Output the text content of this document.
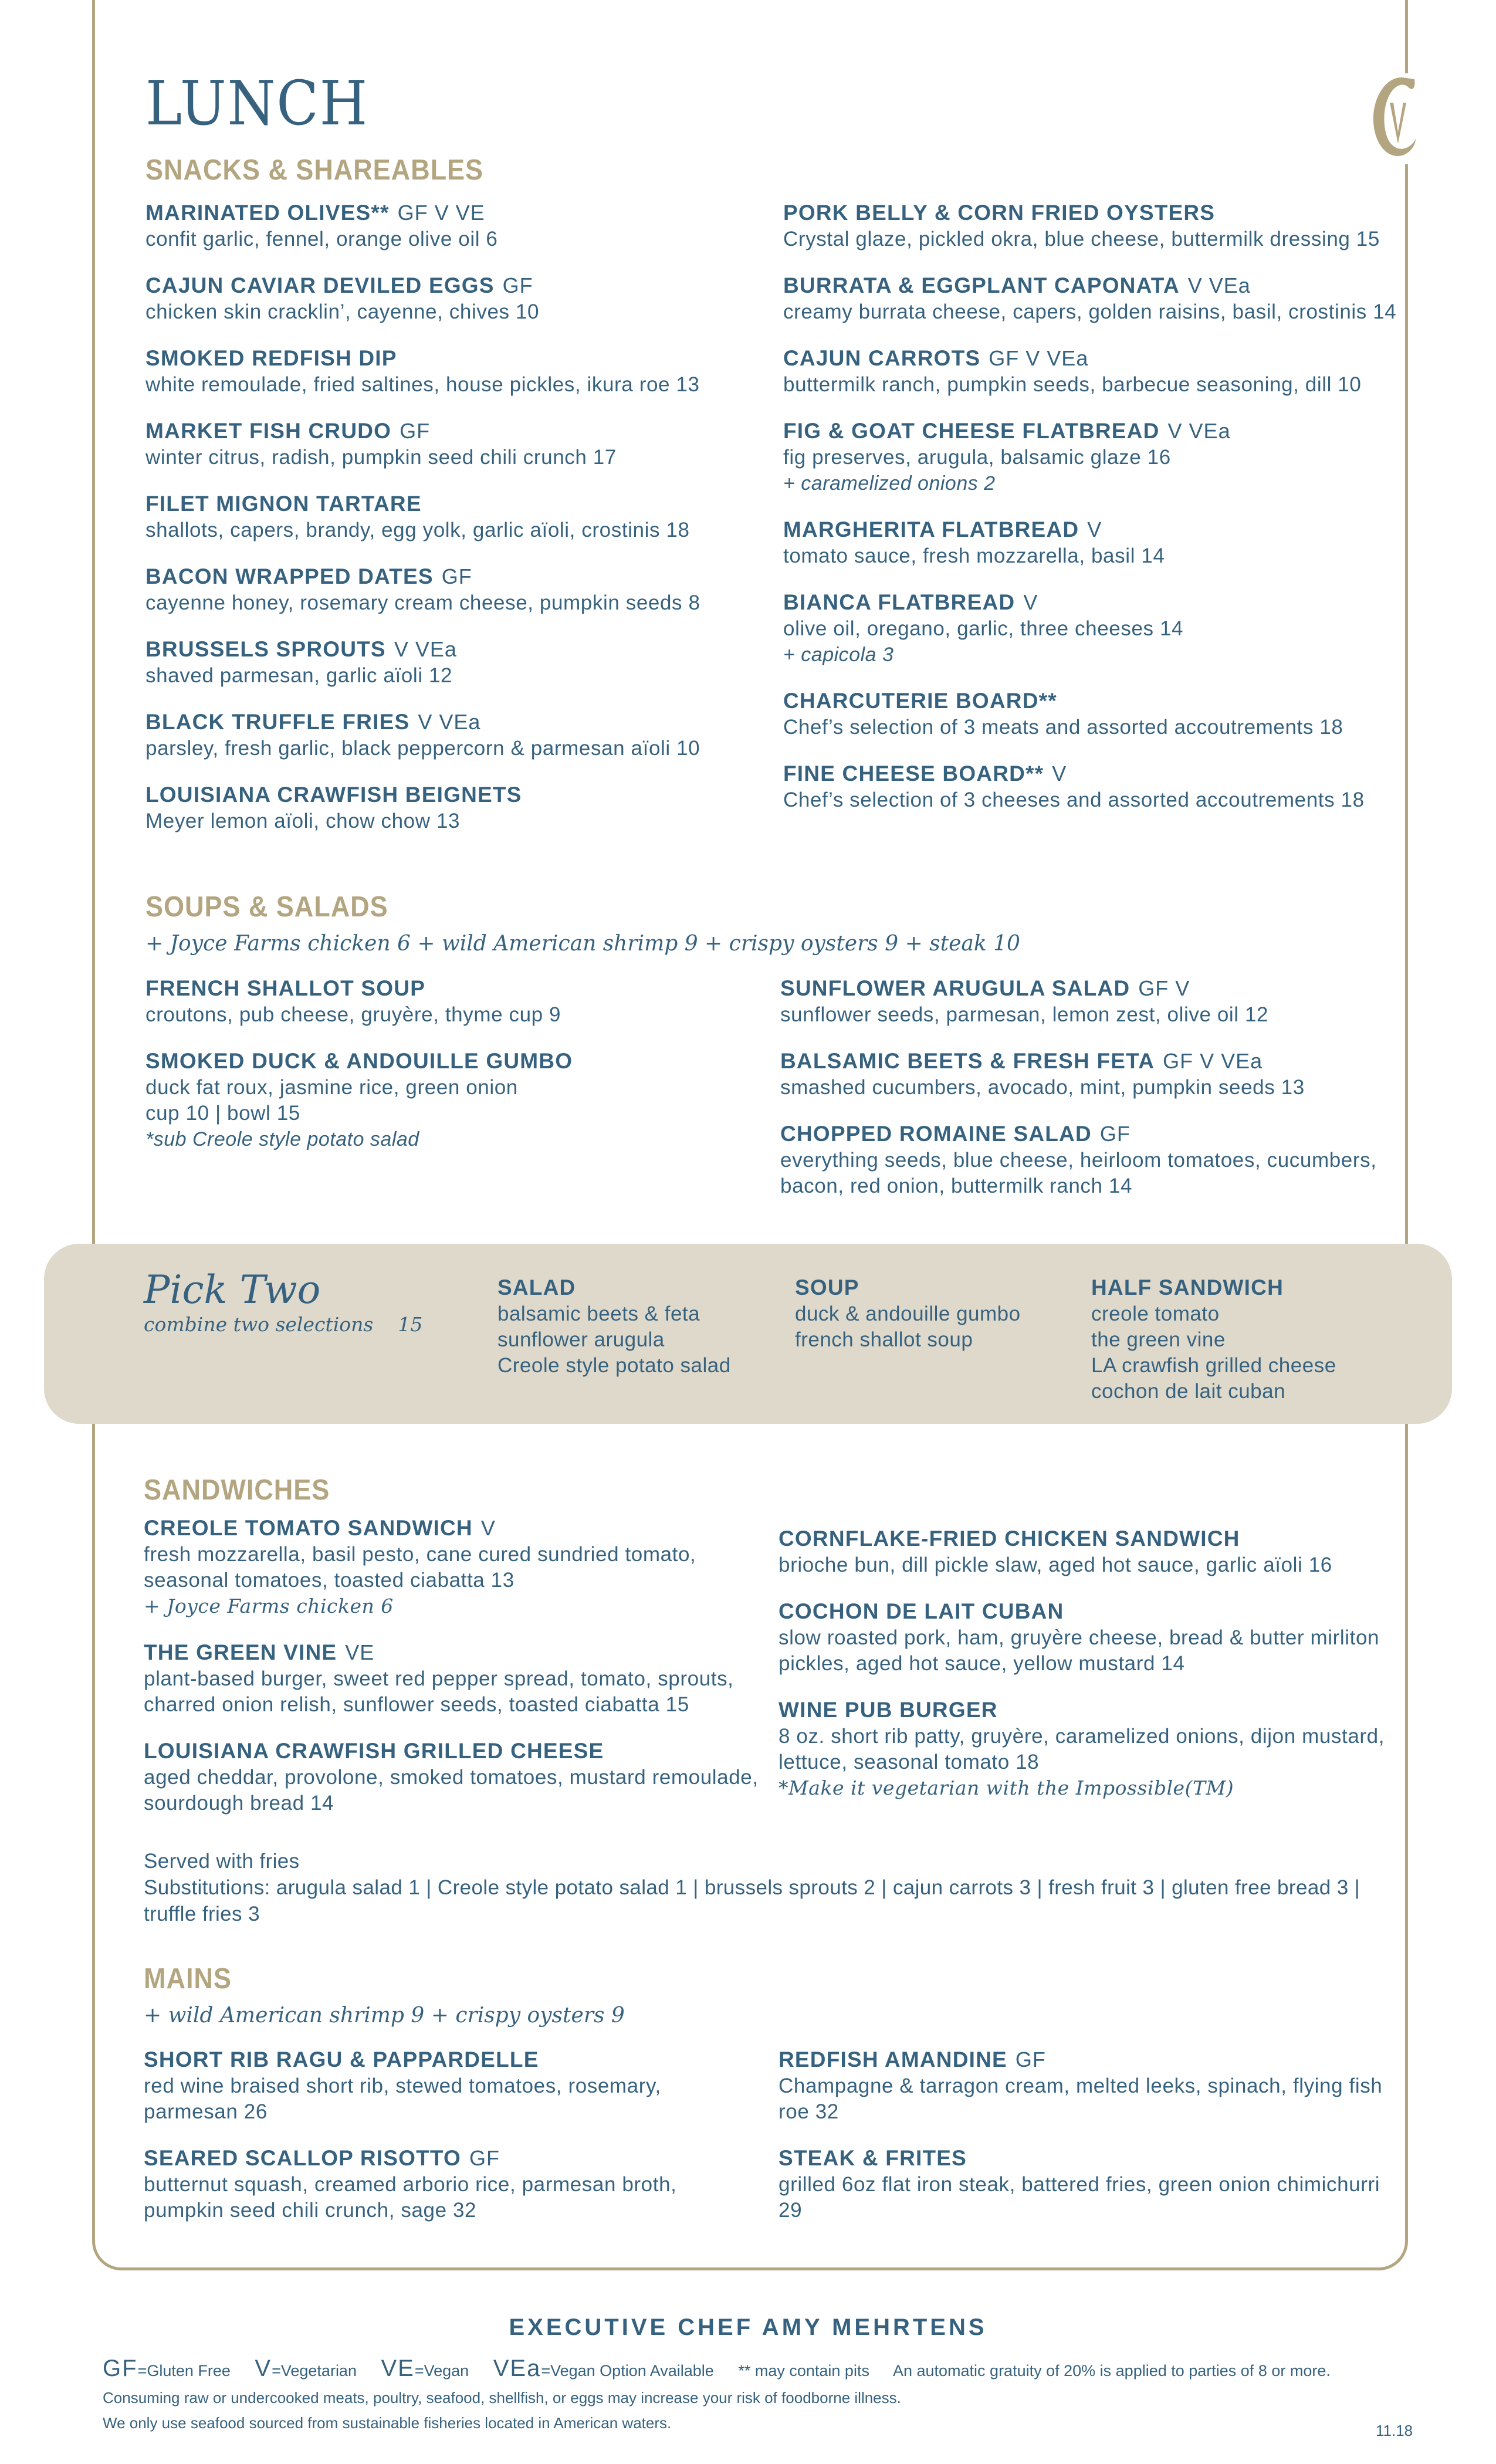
LUNCH
SNACKS & SHAREABLES
MARINATED OLIVES** GF V VE
confit garlic, fennel, orange olive oil 6
CAJUN CAVIAR DEVILED EGGS GF
chicken skin cracklin’, cayenne, chives 10
SMOKED REDFISH DIP
white remoulade, fried saltines, house pickles, ikura roe 13
MARKET FISH CRUDO GF
winter citrus, radish, pumpkin seed chili crunch 17
FILET MIGNON TARTARE
shallots, capers, brandy, egg yolk, garlic aïoli, crostinis 18
BACON WRAPPED DATES GF
cayenne honey, rosemary cream cheese, pumpkin seeds 8
BRUSSELS SPROUTS V VEa
shaved parmesan, garlic aïoli 12
BLACK TRUFFLE FRIES V VEa
parsley, fresh garlic, black peppercorn & parmesan aïoli 10
LOUISIANA CRAWFISH BEIGNETS
Meyer lemon aïoli, chow chow 13
PORK BELLY & CORN FRIED OYSTERS
Crystal glaze, pickled okra, blue cheese, buttermilk dressing 15
BURRATA & EGGPLANT CAPONATA V VEa
creamy burrata cheese, capers, golden raisins, basil, crostinis 14
CAJUN CARROTS GF V VEa
buttermilk ranch, pumpkin seeds, barbecue seasoning, dill 10
FIG & GOAT CHEESE FLATBREAD V VEa
fig preserves, arugula, balsamic glaze 16
+ caramelized onions 2
MARGHERITA FLATBREAD V
tomato sauce, fresh mozzarella, basil 14
BIANCA FLATBREAD V
olive oil, oregano, garlic, three cheeses 14
+ capicola 3
CHARCUTERIE BOARD**
Chef’s selection of 3 meats and assorted accoutrements 18
FINE CHEESE BOARD** V
Chef’s selection of 3 cheeses and assorted accoutrements 18
SOUPS & SALADS
+ Joyce Farms chicken 6 + wild American shrimp 9 + crispy oysters 9 + steak 10
FRENCH SHALLOT SOUP
croutons, pub cheese, gruyère, thyme cup 9
SMOKED DUCK & ANDOUILLE GUMBO
duck fat roux, jasmine rice, green onion
cup 10 | bowl 15
*sub Creole style potato salad
SUNFLOWER ARUGULA SALAD GF V
sunflower seeds, parmesan, lemon zest, olive oil 12
BALSAMIC BEETS & FRESH FETA GF V VEa
smashed cucumbers, avocado, mint, pumpkin seeds 13
CHOPPED ROMAINE SALAD GF
everything seeds, blue cheese, heirloom tomatoes, cucumbers, bacon, red onion, buttermilk ranch 14
Pick Two
combine two selections    15
SALAD
balsamic beets & feta
sunflower arugula
Creole style potato salad
SOUP
duck & andouille gumbo
french shallot soup
HALF SANDWICH
creole tomato
the green vine
LA crawfish grilled cheese
cochon de lait cuban
SANDWICHES
CREOLE TOMATO SANDWICH V
fresh mozzarella, basil pesto, cane cured sundried tomato, seasonal tomatoes, toasted ciabatta 13
+ Joyce Farms chicken 6
THE GREEN VINE VE
plant-based burger, sweet red pepper spread, tomato, sprouts, charred onion relish, sunflower seeds, toasted ciabatta 15
LOUISIANA CRAWFISH GRILLED CHEESE
aged cheddar, provolone, smoked tomatoes, mustard remoulade, sourdough bread 14
CORNFLAKE-FRIED CHICKEN SANDWICH
brioche bun, dill pickle slaw, aged hot sauce, garlic aïoli 16
COCHON DE LAIT CUBAN
slow roasted pork, ham, gruyère cheese, bread & butter mirliton pickles, aged hot sauce, yellow mustard 14
WINE PUB BURGER
8 oz. short rib patty, gruyère, caramelized onions, dijon mustard, lettuce, seasonal tomato 18
*Make it vegetarian with the Impossible(TM)
Served with fries
Substitutions: arugula salad 1 | Creole style potato salad 1 | brussels sprouts 2 | cajun carrots 3 | fresh fruit 3 | gluten free bread 3 | truffle fries 3
MAINS
+ wild American shrimp 9 + crispy oysters 9
SHORT RIB RAGU & PAPPARDELLE
red wine braised short rib, stewed tomatoes, rosemary, parmesan 26
SEARED SCALLOP RISOTTO GF
butternut squash, creamed arborio rice, parmesan broth, pumpkin seed chili crunch, sage 32
REDFISH AMANDINE GF
Champagne & tarragon cream, melted leeks, spinach, flying fish roe 32
STEAK & FRITES
grilled 6oz flat iron steak, battered fries, green onion chimichurri 29
EXECUTIVE CHEF AMY MEHRTENS
GF=Gluten Free V=Vegetarian VE=Vegan VEa=Vegan Option Available ** may contain pits An automatic gratuity of 20% is applied to parties of 8 or more.
Consuming raw or undercooked meats, poultry, seafood, shellfish, or eggs may increase your risk of foodborne illness.
We only use seafood sourced from sustainable fisheries located in American waters.	11.18
